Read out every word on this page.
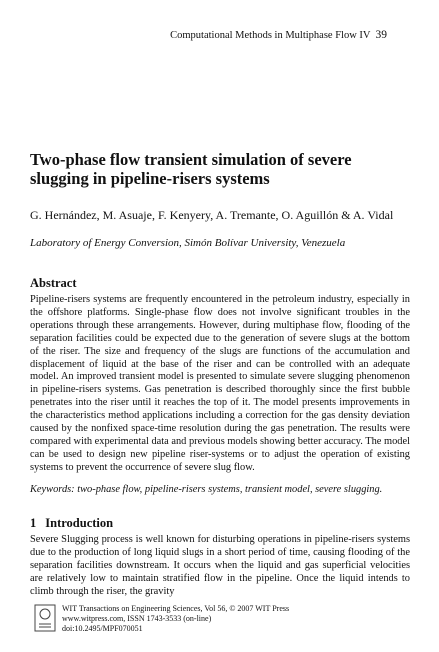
Computational Methods in Multiphase Flow IV 39
Two-phase flow transient simulation of severe slugging in pipeline-risers systems
G. Hernández, M. Asuaje, F. Kenyery, A. Tremante, O. Aguillón & A. Vidal
Laboratory of Energy Conversion, Simón Bolívar University, Venezuela
Abstract

Pipeline-risers systems are frequently encountered in the petroleum industry, especially in the offshore platforms. Single-phase flow does not involve significant troubles in the operations through these arrangements. However, during multiphase flow, flooding of the separation facilities could be expected due to the generation of severe slugs at the bottom of the riser. The size and frequency of the slugs are functions of the accumulation and displacement of liquid at the base of the riser and can be controlled with an adequate model. An improved transient model is presented to simulate severe slugging phenomenon in pipeline-risers systems. Gas penetration is described thoroughly since the first bubble penetrates into the riser until it reaches the top of it. The model presents improvements in the characteristics method applications including a correction for the gas density deviation caused by the nonfixed space-time resolution during the gas penetration. The results were compared with experimental data and previous models showing better accuracy. The model can be used to design new pipeline riser-systems or to adjust the operation of existing systems to prevent the occurrence of severe slug flow.

Keywords: two-phase flow, pipeline-risers systems, transient model, severe slugging.
1 Introduction

Severe Slugging process is well known for disturbing operations in pipeline-risers systems due to the production of long liquid slugs in a short period of time, causing flooding of the separation facilities downstream. It occurs when the liquid and gas superficial velocities are relatively low to maintain stratified flow in the pipeline. Once the liquid intends to climb through the riser, the gravity

WIT Transactions on Engineering Sciences, Vol 56, © 2007 WIT Press
www.witpress.com, ISSN 1743-3533 (on-line)
doi:10.2495/MPF070051
